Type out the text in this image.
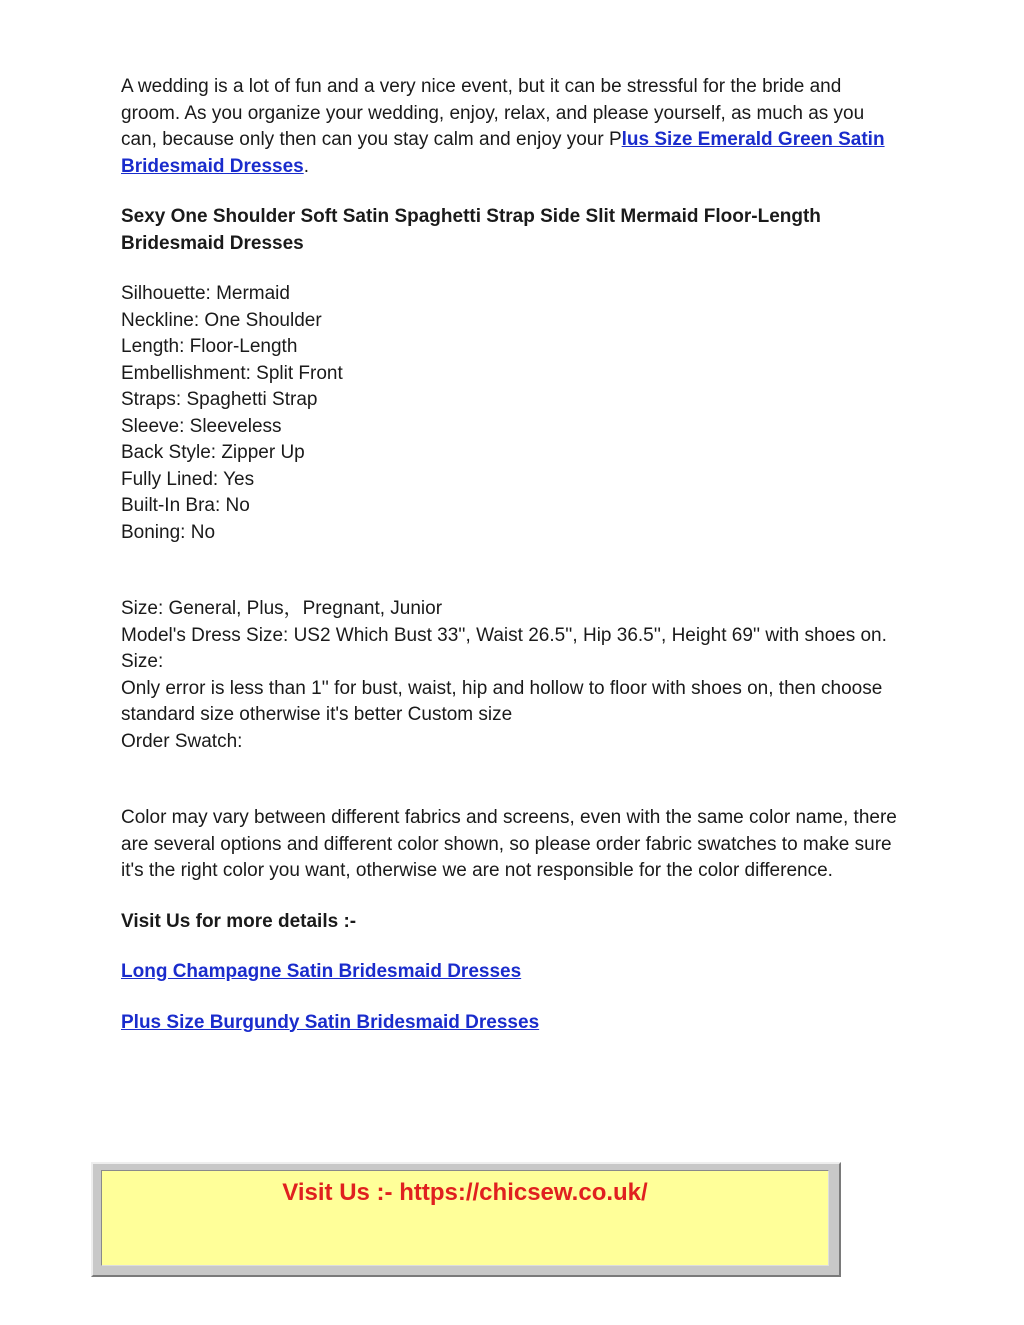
A wedding is a lot of fun and a very nice event, but it can be stressful for the bride and groom. As you organize your wedding, enjoy, relax, and please yourself, as much as you can, because only then can you stay calm and enjoy your Plus Size Emerald Green Satin Bridesmaid Dresses.

Sexy One Shoulder Soft Satin Spaghetti Strap Side Slit Mermaid Floor-Length Bridesmaid Dresses

Silhouette: Mermaid

Neckline: One Shoulder

Length: Floor-Length

Embellishment: Split Front

Straps: Spaghetti Strap

Sleeve: Sleeveless

Back Style: Zipper Up

Fully Lined: Yes

Built-In Bra: No

Boning: No

Size: General, Plus，Pregnant, Junior

Model's Dress Size: US2 Which Bust 33'', Waist 26.5'', Hip 36.5'', Height 69'' with shoes on.

Size:

Only error is less than 1'' for bust, waist, hip and hollow to floor with shoes on, then choose standard size otherwise it's better Custom size

Order Swatch:

Color may vary between different fabrics and screens, even with the same color name, there are several options and different color shown, so please order fabric swatches to make sure it's the right color you want, otherwise we are not responsible for the color difference.

Visit Us for more details :-

Long Champagne Satin Bridesmaid Dresses

Plus Size Burgundy Satin Bridesmaid Dresses

Visit Us :- https://chicsew.co.uk/
